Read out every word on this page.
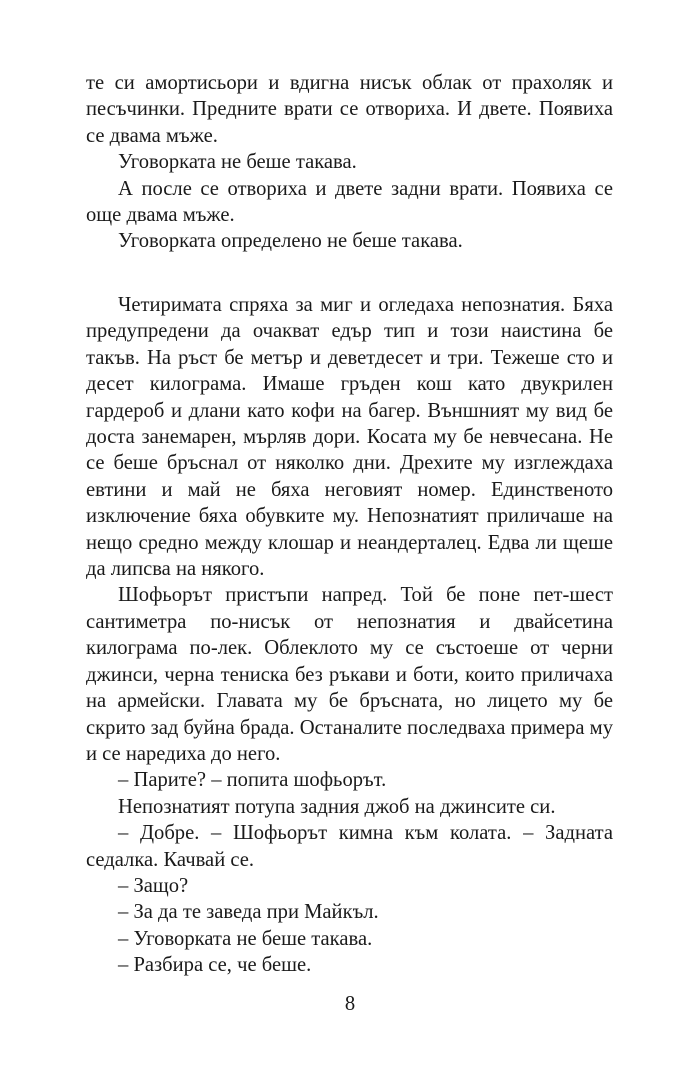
те си амортисьори и вдигна нисък облак от прахоляк и песъчинки. Предните врати се отвориха. И двете. Появиха се двама мъже.

Уговорката не беше такава.

А после се отвориха и двете задни врати. Появиха се още двама мъже.

Уговорката определено не беше такава.

Четиримата спряха за миг и огледаха непознатия. Бяха предупредени да очакват едър тип и този наистина бе такъв. На ръст бе метър и деветдесет и три. Тежеше сто и десет килограма. Имаше гръден кош като двукрилен гардероб и длани като кофи на багер. Външният му вид бе доста занемарен, мърляв дори. Косата му бе невчесана. Не се беше бръснал от няколко дни. Дрехите му изглеждаха евтини и май не бяха неговият номер. Единственото изключение бяха обувките му. Непознатият приличаше на нещо средно между клошар и неандерталец. Едва ли щеше да липсва на някого.

Шофьорът пристъпи напред. Той бе поне пет-шест сантиметра по-нисък от непознатия и двайсетина килограма по-лек. Облеклото му се състоеше от черни джинси, черна тениска без ръкави и боти, които приличаха на армейски. Главата му бе бръсната, но лицето му бе скрито зад буйна брада. Останалите последваха примера му и се наредиха до него.

– Парите? – попита шофьорът.

Непознатият потупа задния джоб на джинсите си.

– Добре. – Шофьорът кимна към колата. – Задната седалка. Качвай се.

– Защо?

– За да те заведа при Майкъл.

– Уговорката не беше такава.

– Разбира се, че беше.

8
